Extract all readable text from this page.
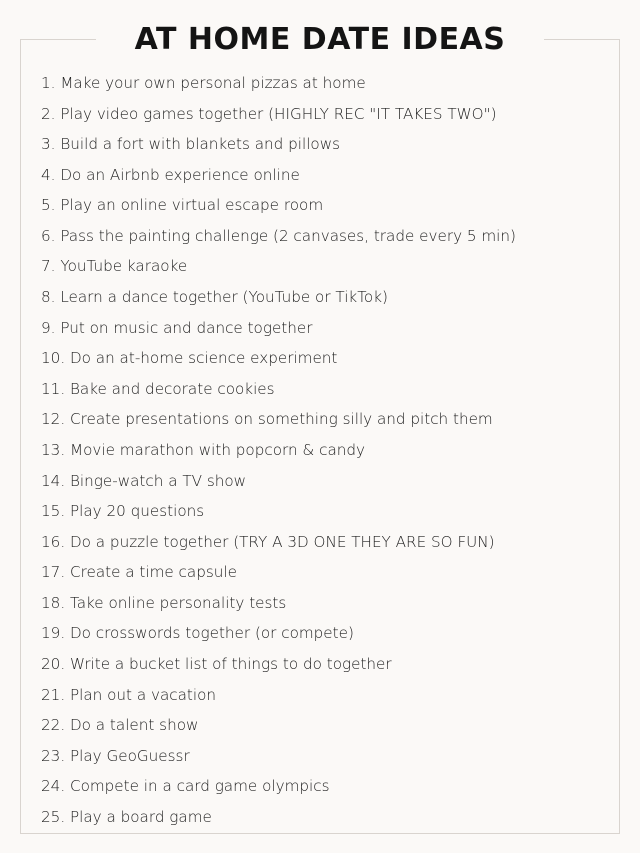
AT HOME DATE IDEAS
1. Make your own personal pizzas at home
2. Play video games together (HIGHLY REC "IT TAKES TWO")
3. Build a fort with blankets and pillows
4. Do an Airbnb experience online
5. Play an online virtual escape room
6. Pass the painting challenge (2 canvases, trade every 5 min)
7. YouTube karaoke
8. Learn a dance together (YouTube or TikTok)
9. Put on music and dance together
10. Do an at-home science experiment
11. Bake and decorate cookies
12. Create presentations on something silly and pitch them
13. Movie marathon with popcorn & candy
14. Binge-watch a TV show
15. Play 20 questions
16. Do a puzzle together (TRY A 3D ONE THEY ARE SO FUN)
17. Create a time capsule
18. Take online personality tests
19. Do crosswords together (or compete)
20. Write a bucket list of things to do together
21. Plan out a vacation
22. Do a talent show
23. Play GeoGuessr
24. Compete in a card game olympics
25. Play a board game
